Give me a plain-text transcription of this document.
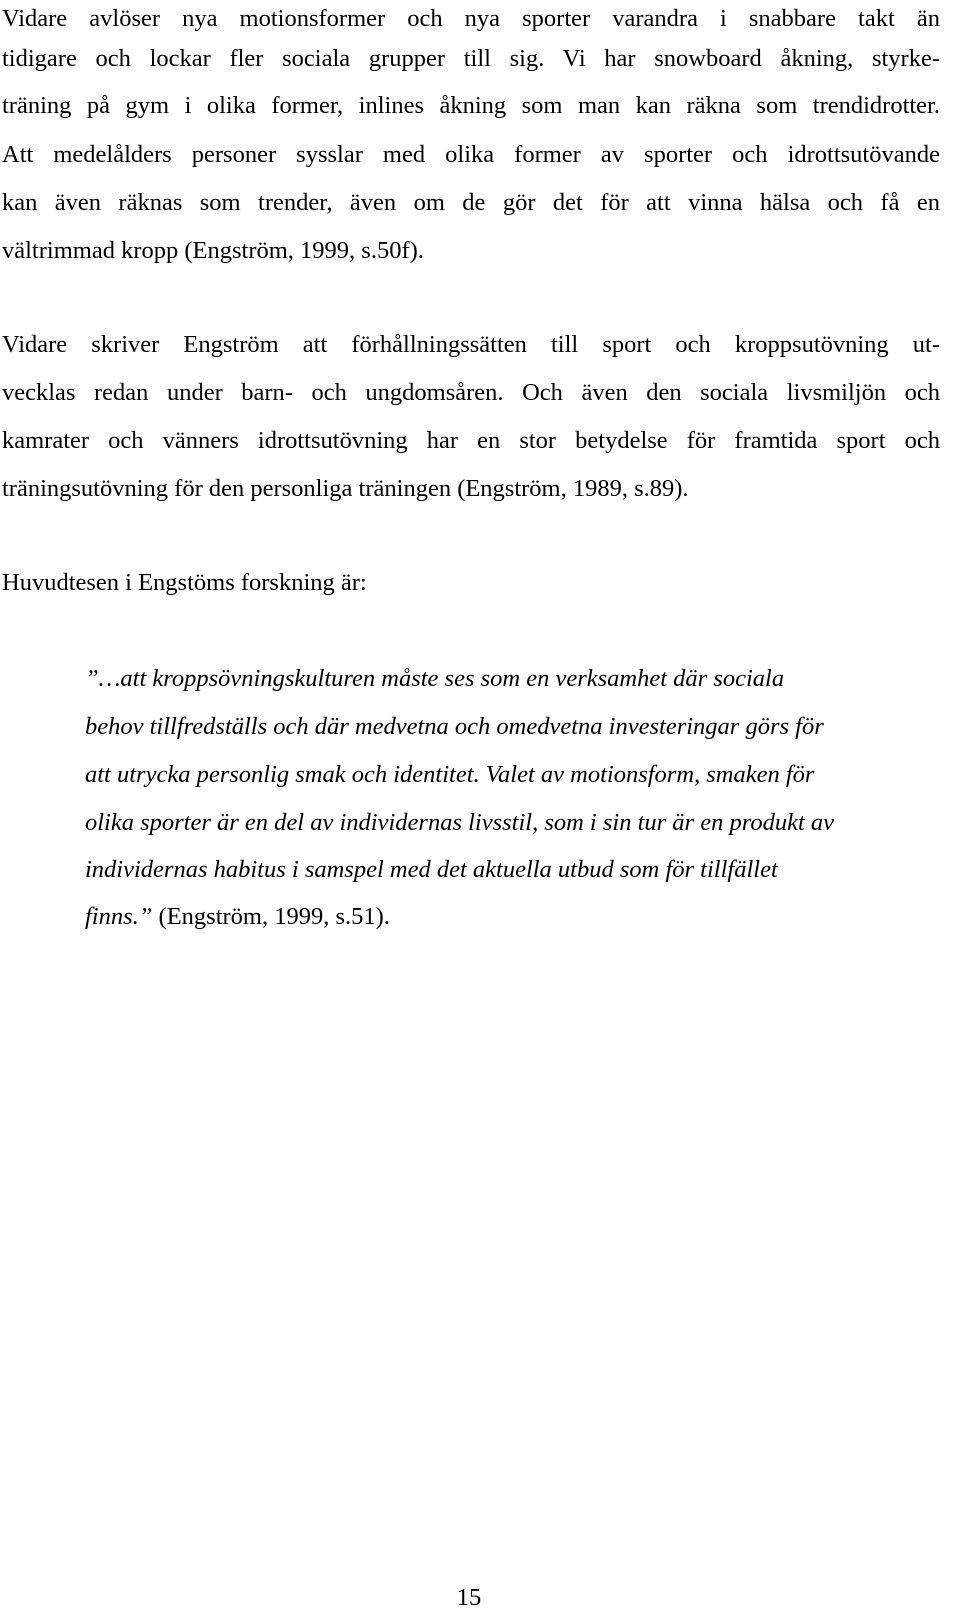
Vidare avlöser nya motionsformer och nya sporter varandra i snabbare takt än
tidigare och lockar fler sociala grupper till sig. Vi har snowboard åkning, styrke-
träning på gym i olika former, inlines åkning som man kan räkna som trendidrotter.
Att medelålders personer sysslar med olika former av sporter och idrottsutövande
kan även räknas som trender, även om de gör det för att vinna hälsa och få en
vältrimmad kropp (Engström, 1999, s.50f).
Vidare skriver Engström att förhållningssätten till sport och kroppsutövning ut-
vecklas redan under barn- och ungdomsåren. Och även den sociala livsmiljön och
kamrater och vänners idrottsutövning har en stor betydelse för framtida sport och
träningsutövning för den personliga träningen (Engström, 1989, s.89).
Huvudtesen i Engstöms forskning är:
”…att kroppsövningskulturen måste ses som en verksamhet där sociala
behov tillfredställs och där medvetna och omedvetna investeringar görs för
att utrycka personlig smak och identitet. Valet av motionsform, smaken för
olika sporter är en del av individernas livsstil, som i sin tur är en produkt av
individernas habitus i samspel med det aktuella utbud som för tillfället
finns.” (Engström, 1999, s.51).
15
